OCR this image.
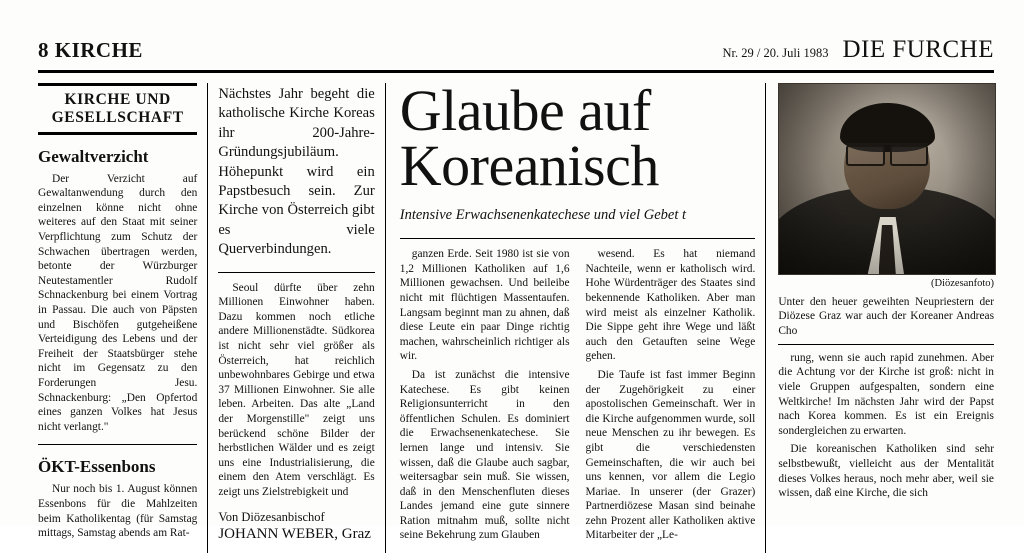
8 KIRCHE	Nr. 29 / 20. Juli 1983 DIE FURCHE
KIRCHE UND
GESELLSCHAFT
Gewaltverzicht

Der Verzicht auf Gewaltanwendung durch den einzelnen könne nicht ohne weiteres auf den Staat mit seiner Verpflichtung zum Schutz der Schwachen übertragen werden, betonte der Würzburger Neutestamentler Rudolf Schnackenburg bei einem Vortrag in Passau. Die auch von Päpsten und Bischöfen gutgeheißene Verteidigung des Lebens und der Freiheit der Staatsbürger stehe nicht im Gegensatz zu den Forderungen Jesu. Schnackenburg: „Den Opfertod eines ganzen Volkes hat Jesus nicht verlangt."

ÖKT-Essenbons

Nur noch bis 1. August können Essenbons für die Mahlzeiten beim Katholikentag (für Samstag mittags, Samstag abends am Rat-

Nächstes Jahr begeht die katholische Kirche Koreas ihr 200-Jahre-Gründungsjubiläum. Höhepunkt wird ein Papstbesuch sein. Zur Kirche von Österreich gibt es viele Querverbindungen.

Seoul dürfte über zehn Millionen Einwohner haben. Dazu kommen noch etliche andere Millionenstädte. Südkorea ist nicht sehr viel größer als Österreich, hat reichlich unbewohnbares Gebirge und etwa 37 Millionen Einwohner. Sie alle leben. Arbeiten. Das alte „Land der Morgenstille" zeigt uns berückend schöne Bilder der herbstlichen Wälder und es zeigt uns eine Industrialisierung, die einem den Atem verschlägt. Es zeigt uns Zielstrebigkeit und

Von Diözesanbischof
JOHANN WEBER, Graz
Glaube auf
Koreanisch
Intensive Erwachsenenkatechese und viel Gebet t

ganzen Erde. Seit 1980 ist sie von 1,2 Millionen Katholiken auf 1,6 Millionen gewachsen. Und beileibe nicht mit flüchtigen Massentaufen. Langsam beginnt man zu ahnen, daß diese Leute ein paar Dinge richtig machen, wahrscheinlich richtiger als wir.

Da ist zunächst die intensive Katechese. Es gibt keinen Religionsunterricht in den öffentlichen Schulen. Es dominiert die Erwachsenenkatechese. Sie lernen lange und intensiv. Sie wissen, daß die Glaube auch sagbar, weitersagbar sein muß. Sie wissen, daß in den Menschenfluten dieses Landes jemand eine gute sinnere Ration mitnahm muß, sollte nicht seine Bekehrung zum Glauben

wesend. Es hat niemand Nachteile, wenn er katholisch wird. Hohe Würdenträger des Staates sind bekennende Katholiken. Aber man wird meist als einzelner Katholik. Die Sippe geht ihre Wege und läßt auch den Getauften seine Wege gehen.

Die Taufe ist fast immer Beginn der Zugehörigkeit zu einer apostolischen Gemeinschaft. Wer in die Kirche aufgenommen wurde, soll neue Menschen zu ihr bewegen. Es gibt die verschiedensten Gemeinschaften, die wir auch bei uns kennen, vor allem die Legio Mariae. In unserer (der Grazer) Partnerdiözese Masan sind beinahe zehn Prozent aller Katholiken aktive Mitarbeiter der „Le-

(Diözesanfoto)
Unter den heuer geweihten Neupriestern der Diözese Graz war auch der Koreaner Andreas Cho

rung, wenn sie auch rapid zunehmen. Aber die Achtung vor der Kirche ist groß: nicht in viele Gruppen aufgespalten, sondern eine Weltkirche! Im nächsten Jahr wird der Papst nach Korea kommen. Es ist ein Ereignis sondergleichen zu erwarten.

Die koreanischen Katholiken sind sehr selbstbewußt, vielleicht aus der Mentalität dieses Volkes heraus, noch mehr aber, weil sie wissen, daß eine Kirche, die sich
